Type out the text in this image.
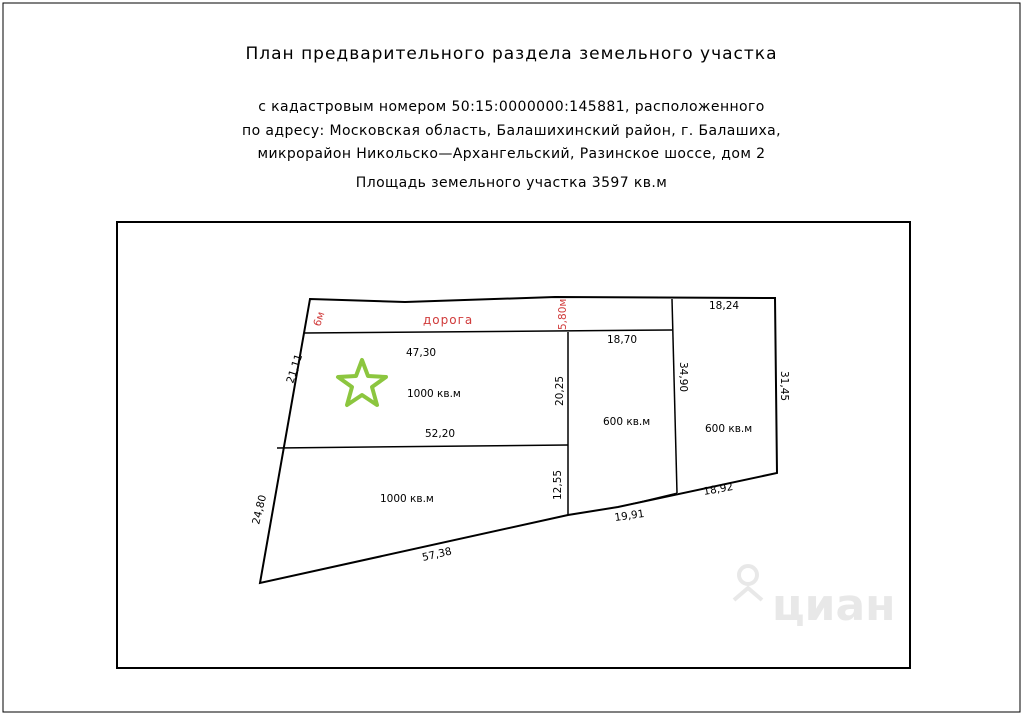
План предварительного раздела земельного участка
с кадастровым номером 50:15:0000000:145881, расположенного
по адресу: Московская область, Балашихинский район, г. Балашиха,
микрорайон Никольско—Архангельский, Разинское шоссе, дом 2
Площадь земельного участка 3597 кв.м
циан
дорога
6м	5,80м
1000 кв.м
1000 кв.м
600 кв.м
600 кв.м
21,11
24,80
47,30
52,20
20,25
12,55
57,38
19,91
18,92
18,70
34,90
18,24
31,45
